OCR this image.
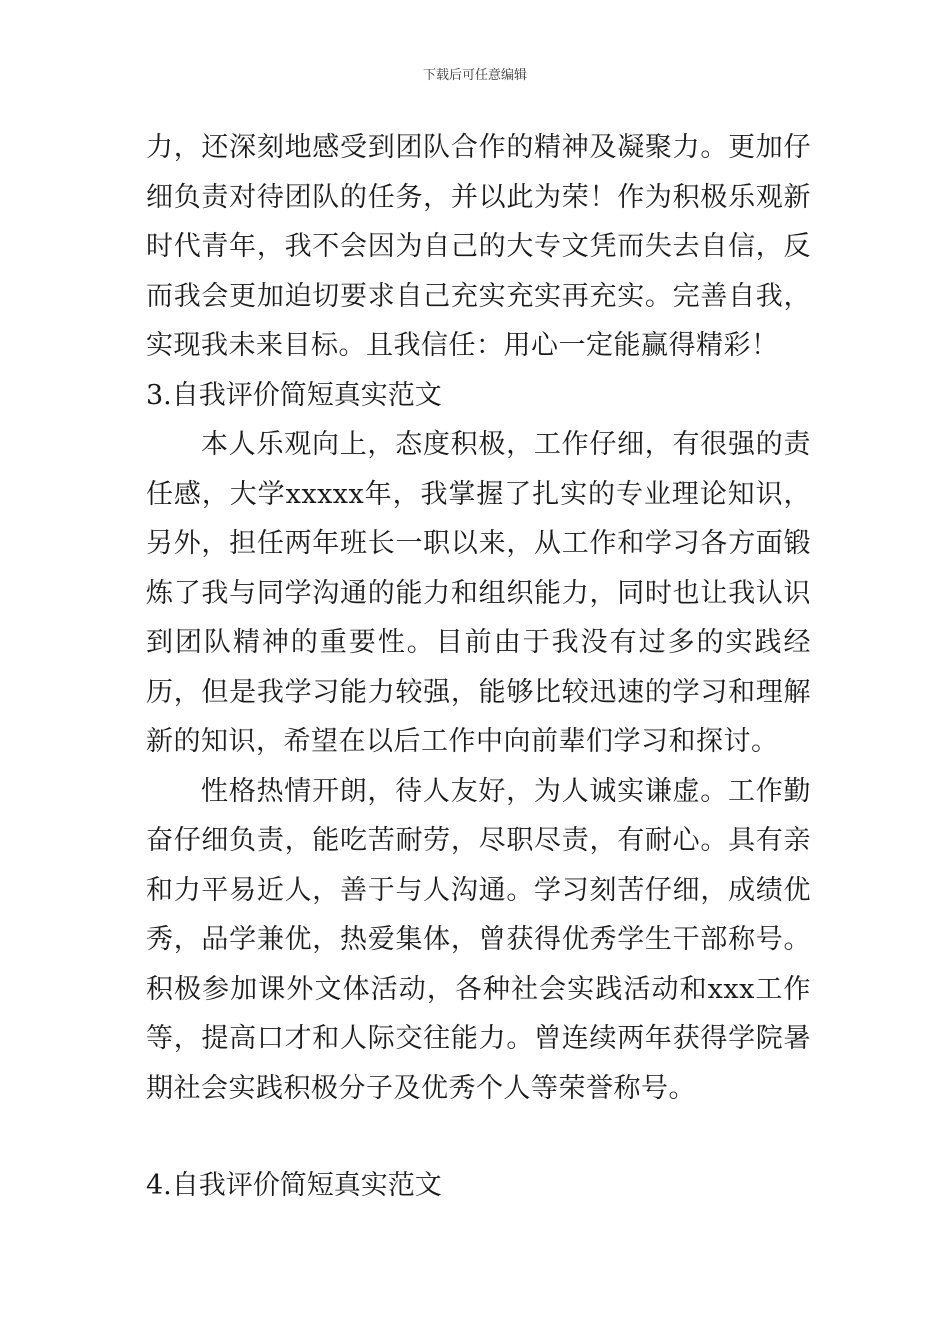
下载后可任意编辑

力，还深刻地感受到团队合作的精神及凝聚力。更加仔细负责对待团队的任务，并以此为荣！作为积极乐观新时代青年，我不会因为自己的大专文凭而失去自信，反而我会更加迫切要求自己充实充实再充实。完善自我，实现我未来目标。且我信任：用心一定能赢得精彩！

3.自我评价简短真实范文

本人乐观向上，态度积极，工作仔细，有很强的责任感，大学xxxxx年，我掌握了扎实的专业理论知识，另外，担任两年班长一职以来，从工作和学习各方面锻炼了我与同学沟通的能力和组织能力，同时也让我认识到团队精神的重要性。目前由于我没有过多的实践经历，但是我学习能力较强，能够比较迅速的学习和理解新的知识，希望在以后工作中向前辈们学习和探讨。

性格热情开朗，待人友好，为人诚实谦虚。工作勤奋仔细负责，能吃苦耐劳，尽职尽责，有耐心。具有亲和力平易近人，善于与人沟通。学习刻苦仔细，成绩优秀，品学兼优，热爱集体，曾获得优秀学生干部称号。积极参加课外文体活动，各种社会实践活动和xxx工作等，提高口才和人际交往能力。曾连续两年获得学院暑期社会实践积极分子及优秀个人等荣誉称号。

4.自我评价简短真实范文
